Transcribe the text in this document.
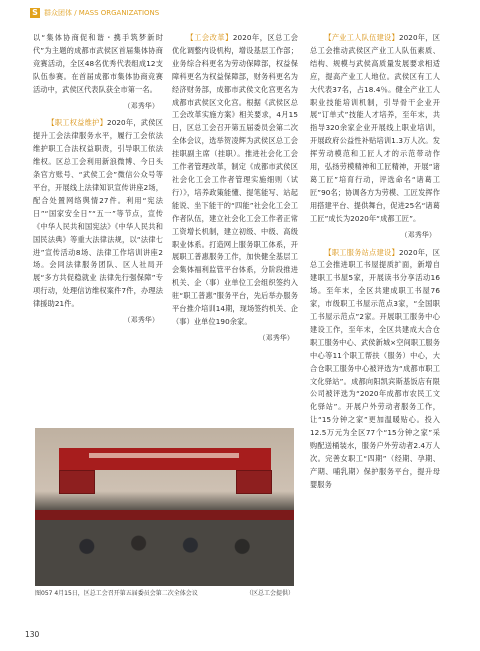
S 群众团体 / MASS ORGANIZATIONS

以“集体协商促和谐・携手筑梦新时代”为主题的成都市武侯区首届集体协商竞赛活动，全区48名优秀代表组成12支队伍参赛。在首届成都市集体协商竞赛活动中，武侯区代表队获全市第一名。

（邓秀华）

【职工权益维护】2020年，武侯区提升工会法律服务水平，履行工会依法维护职工合法权益职责，引导职工依法维权。区总工会利用新浪微博、今日头条官方账号、“武侯工会”微信公众号等平台，开展线上法律知识宣传讲座2场，配合处置网络舆情27件。利用“宪法日”“国家安全日”“五一”等节点，宣传《中华人民共和国宪法》《中华人民共和国民法典》等重大法律法规，以“法律七进”宣传活动8场、法律工作培训讲座2场。会同法律服务团队、区人社局开展“多方共促稳就业 法律先行强保障”专项行动，处理信访维权案件7件，办理法律援助21件。

（邓秀华）

【工会改革】2020年，区总工会优化调整内设机构，增设基层工作部；业务综合科更名为劳动保障部，权益保障科更名为权益保障部，财务科更名为经济财务部，成都市武侯文化宫更名为成都市武侯区文化宫。根据《武侯区总工会改革实施方案》相关要求，4月15日，区总工会召开第五届委员会第二次全体会议，选举贺凌辉为武侯区总工会挂职副主席（挂职）。推进社会化工会工作者管理改革，制定《成都市武侯区社会化工会工作者管理实施细则（试行）》，培养政策能懂、提笔能写、站起能说、坐下能干的“四能”社会化工会工作者队伍，建立社会化工会工作者正常工资增长机制，建立初级、中级、高级职业体系。打造网上服务职工体系，开展职工普惠服务工作，加快健全基层工会集体福利监管平台体系，分阶段推进机关、企（事）业单位工会组织签约入驻“职工普惠”服务平台，先后举办服务平台推介培训14期，现场签约机关、企（事）业单位190余家。

（邓秀华）

【产业工人队伍建设】2020年，区总工会推动武侯区产业工人队伍素质、结构、规模与武侯高质量发展要求相适应，提高产业工人地位。武侯区有工人大代表37名，占18.4％。健全产业工人职业技能培训机制，引导骨干企业开展“订单式”技能人才培养，至年末，共指导320余家企业开展线上职业培训，开展政府公益性补贴培训1.3万人次。发挥劳动模范和工匠人才的示范带动作用，弘扬劳模精神和工匠精神，开展“诸葛工匠”培育行动，评选命名“诸葛工匠”90名；协调各方为劳模、工匠发挥作用搭建平台、提供舞台，促进25名“诸葛工匠”成长为2020年“成都工匠”。

（邓秀华）

【职工服务站点建设】2020年，区总工会推进职工书屋提质扩面，新增自建职工书屋5家，开展读书分享活动16场。至年末，全区共建成职工书屋76家，市级职工书屋示范点3家，“全国职工书屋示范点”2家。开展职工服务中心建设工作，至年末，全区共建成大合仓职工服务中心、武侯新城×空间职工服务中心等11个职工帮扶（服务）中心，大合仓职工服务中心被评选为“成都市职工文化驿站”。成都向阳凯宾斯基饭店有限公司被评选为“2020年成都市农民工文化驿站”。开展户外劳动者服务工作，让“15分钟之家”更加温暖贴心。投入12.5万元为全区77个“15分钟之家”采购配送桶装水，服务户外劳动者2.4万人次。完善女职工“四期”（经期、孕期、产期、哺乳期）保护服务平台，提升母婴服务

图057 4月15日，区总工会召开第五届委员会第二次全体会议	（区总工会提供）
130
